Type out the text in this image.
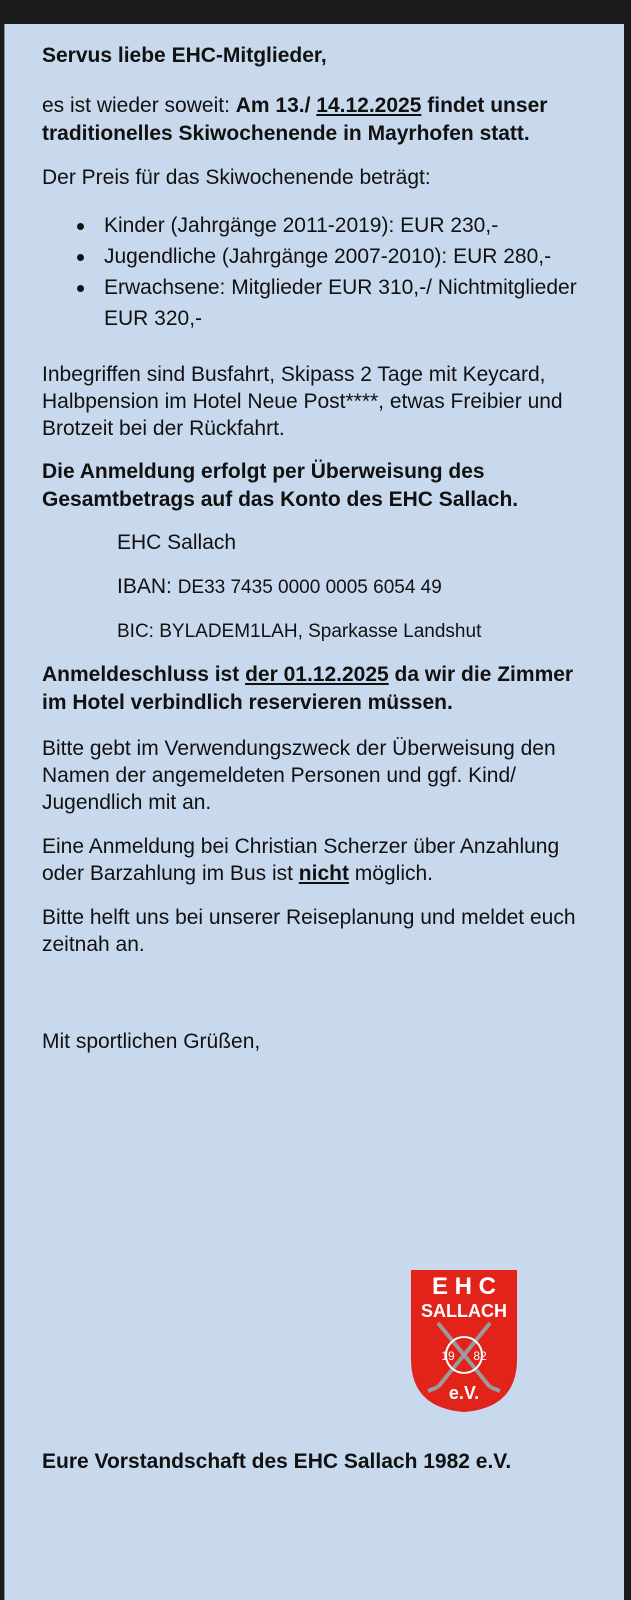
Servus liebe EHC-Mitglieder,

es ist wieder soweit: Am 13./ 14.12.2025 findet unser traditionelles Skiwochenende in Mayrhofen statt.

Der Preis für das Skiwochenende beträgt:

Kinder (Jahrgänge 2011-2019): EUR 230,-
Jugendliche (Jahrgänge 2007-2010): EUR 280,-
Erwachsene: Mitglieder EUR 310,-/ Nichtmitglieder EUR 320,-

Inbegriffen sind Busfahrt, Skipass 2 Tage mit Keycard, Halbpension im Hotel Neue Post****, etwas Freibier und Brotzeit bei der Rückfahrt.

Die Anmeldung erfolgt per Überweisung des Gesamtbetrags auf das Konto des EHC Sallach.

EHC Sallach

IBAN: DE33 7435 0000 0005 6054 49

BIC: BYLADEM1LAH, Sparkasse Landshut

Anmeldeschluss ist der 01.12.2025 da wir die Zimmer im Hotel verbindlich reservieren müssen.

Bitte gebt im Verwendungszweck der Überweisung den Namen der angemeldeten Personen und ggf. Kind/ Jugendlich mit an.

Eine Anmeldung bei Christian Scherzer über Anzahlung oder Barzahlung im Bus ist nicht möglich.

Bitte helft uns bei unserer Reiseplanung und meldet euch zeitnah an.

Mit sportlichen Grüßen,

E H C
SALLACH
19 82
e.V.

Eure Vorstandschaft des EHC Sallach 1982 e.V.
